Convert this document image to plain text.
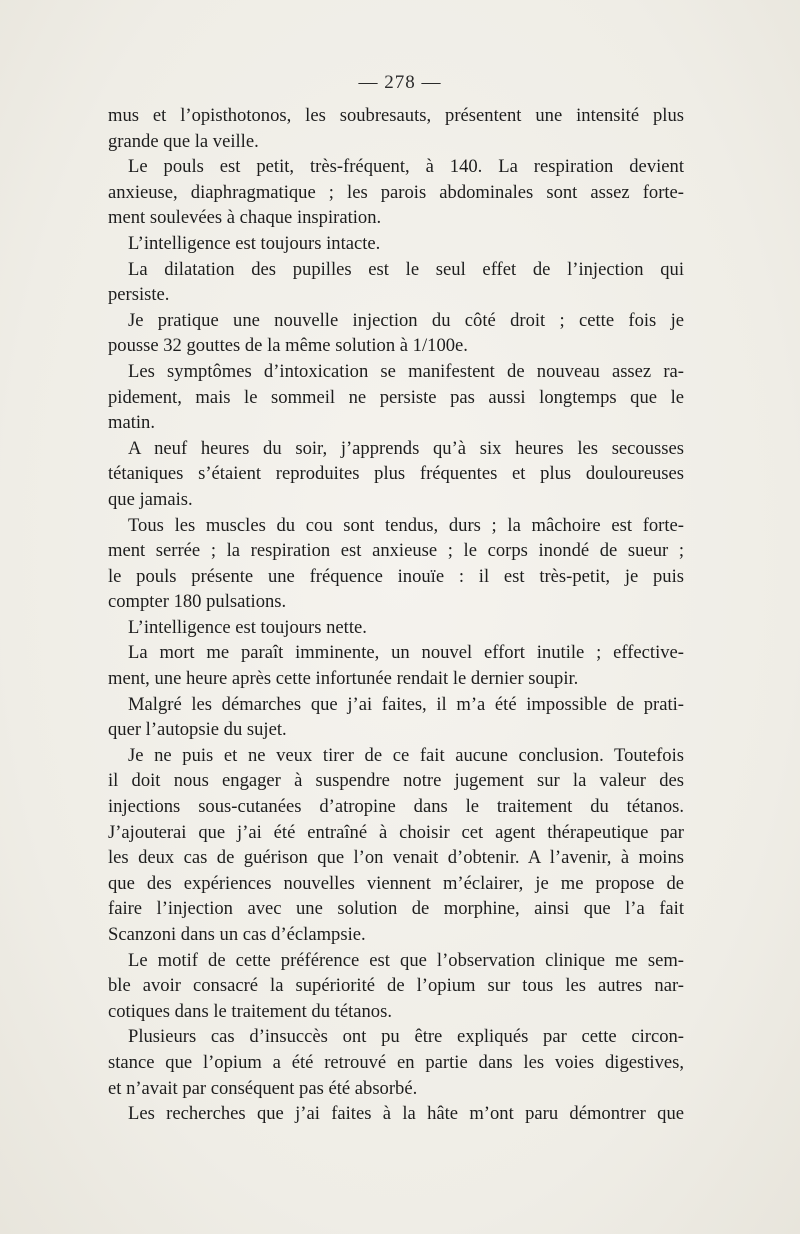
— 278 —
mus et l’opisthotonos, les soubresauts, présentent une intensité plus
grande que la veille.
Le pouls est petit, très-fréquent, à 140. La respiration devient
anxieuse, diaphragmatique ; les parois abdominales sont assez forte-
ment soulevées à chaque inspiration.
L’intelligence est toujours intacte.
La dilatation des pupilles est le seul effet de l’injection qui
persiste.
Je pratique une nouvelle injection du côté droit ; cette fois je
pousse 32 gouttes de la même solution à 1/100e.
Les symptômes d’intoxication se manifestent de nouveau assez ra-
pidement, mais le sommeil ne persiste pas aussi longtemps que le
matin.
A neuf heures du soir, j’apprends qu’à six heures les secousses
tétaniques s’étaient reproduites plus fréquentes et plus douloureuses
que jamais.
Tous les muscles du cou sont tendus, durs ; la mâchoire est forte-
ment serrée ; la respiration est anxieuse ; le corps inondé de sueur ;
le pouls présente une fréquence inouïe : il est très-petit, je puis
compter 180 pulsations.
L’intelligence est toujours nette.
La mort me paraît imminente, un nouvel effort inutile ; effective-
ment, une heure après cette infortunée rendait le dernier soupir.
Malgré les démarches que j’ai faites, il m’a été impossible de prati-
quer l’autopsie du sujet.
Je ne puis et ne veux tirer de ce fait aucune conclusion. Toutefois
il doit nous engager à suspendre notre jugement sur la valeur des
injections sous-cutanées d’atropine dans le traitement du tétanos.
J’ajouterai que j’ai été entraîné à choisir cet agent thérapeutique par
les deux cas de guérison que l’on venait d’obtenir. A l’avenir, à moins
que des expériences nouvelles viennent m’éclairer, je me propose de
faire l’injection avec une solution de morphine, ainsi que l’a fait
Scanzoni dans un cas d’éclampsie.
Le motif de cette préférence est que l’observation clinique me sem-
ble avoir consacré la supériorité de l’opium sur tous les autres nar-
cotiques dans le traitement du tétanos.
Plusieurs cas d’insuccès ont pu être expliqués par cette circon-
stance que l’opium a été retrouvé en partie dans les voies digestives,
et n’avait par conséquent pas été absorbé.
Les recherches que j’ai faites à la hâte m’ont paru démontrer que
